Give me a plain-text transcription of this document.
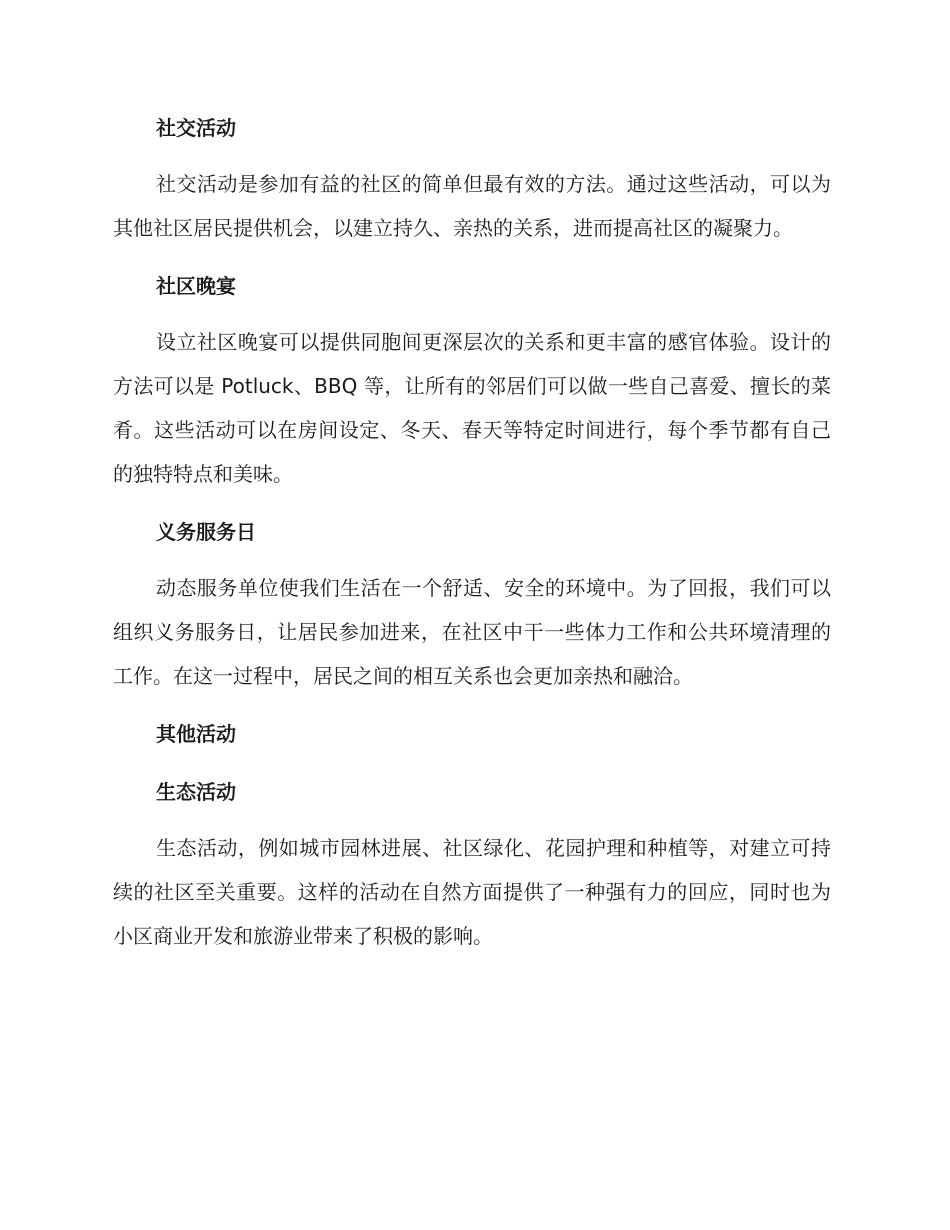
社交活动

社交活动是参加有益的社区的简单但最有效的方法。通过这些活动，可以为其他社区居民提供机会，以建立持久、亲热的关系，进而提高社区的凝聚力。

社区晚宴

设立社区晚宴可以提供同胞间更深层次的关系和更丰富的感官体验。设计的方法可以是 Potluck、BBQ 等，让所有的邻居们可以做一些自己喜爱、擅长的菜肴。这些活动可以在房间设定、冬天、春天等特定时间进行，每个季节都有自己的独特特点和美味。

义务服务日

动态服务单位使我们生活在一个舒适、安全的环境中。为了回报，我们可以组织义务服务日，让居民参加进来，在社区中干一些体力工作和公共环境清理的工作。在这一过程中，居民之间的相互关系也会更加亲热和融洽。

其他活动
生态活动

生态活动，例如城市园林进展、社区绿化、花园护理和种植等，对建立可持续的社区至关重要。这样的活动在自然方面提供了一种强有力的回应，同时也为小区商业开发和旅游业带来了积极的影响。
